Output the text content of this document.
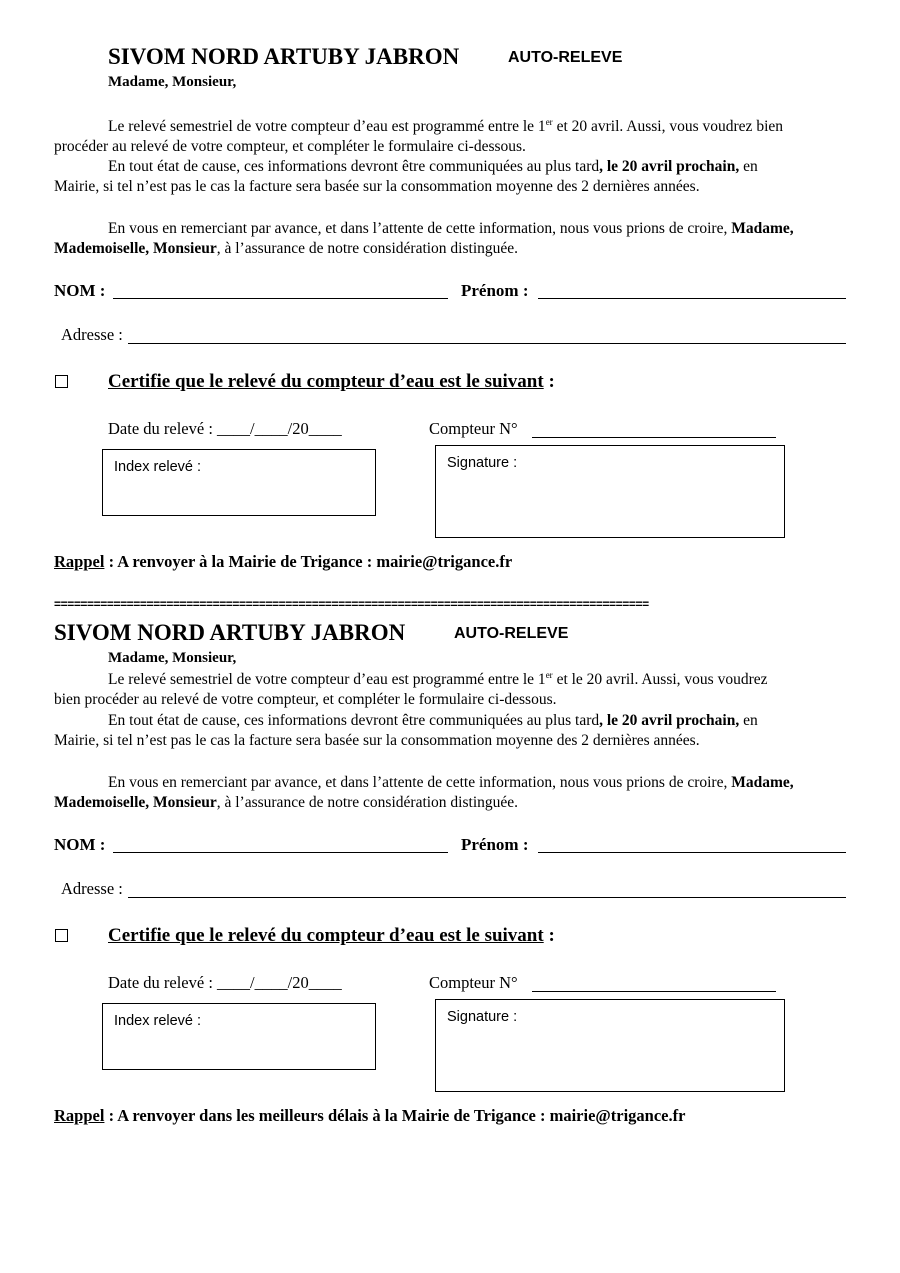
SIVOM NORD ARTUBY JABRON	AUTO-RELEVE
Madame, Monsieur,
Le relevé semestriel de votre compteur d’eau est programmé entre le 1er et 20 avril. Aussi, vous voudrez bien
procéder au relevé de votre compteur, et compléter le formulaire ci-dessous.
En tout état de cause, ces informations devront être communiquées au plus tard, le 20 avril prochain, en
Mairie, si tel n’est pas le cas la facture sera basée sur la consommation moyenne des 2 dernières années.
En vous en remerciant par avance, et dans l’attente de cette information, nous vous prions de croire, Madame,
Mademoiselle, Monsieur, à l’assurance de notre considération distinguée.
NOM :	Prénom :
Adresse :
Certifie que le relevé du compteur d’eau est le suivant :
Date du relevé : ____/____/20____	Compteur N°
Index relevé :	Signature :
Rappel : A renvoyer à la Mairie de Trigance : mairie@trigance.fr
==========================================================================================
SIVOM NORD ARTUBY JABRON	AUTO-RELEVE
Madame, Monsieur,
Le relevé semestriel de votre compteur d’eau est programmé entre le 1er et le 20 avril. Aussi, vous voudrez
bien procéder au relevé de votre compteur, et compléter le formulaire ci-dessous.
En tout état de cause, ces informations devront être communiquées au plus tard, le 20 avril prochain, en
Mairie, si tel n’est pas le cas la facture sera basée sur la consommation moyenne des 2 dernières années.
En vous en remerciant par avance, et dans l’attente de cette information, nous vous prions de croire, Madame,
Mademoiselle, Monsieur, à l’assurance de notre considération distinguée.
NOM :	Prénom :
Adresse :
Certifie que le relevé du compteur d’eau est le suivant :
Date du relevé : ____/____/20____	Compteur N°
Index relevé :	Signature :
Rappel : A renvoyer dans les meilleurs délais à la Mairie de Trigance : mairie@trigance.fr
